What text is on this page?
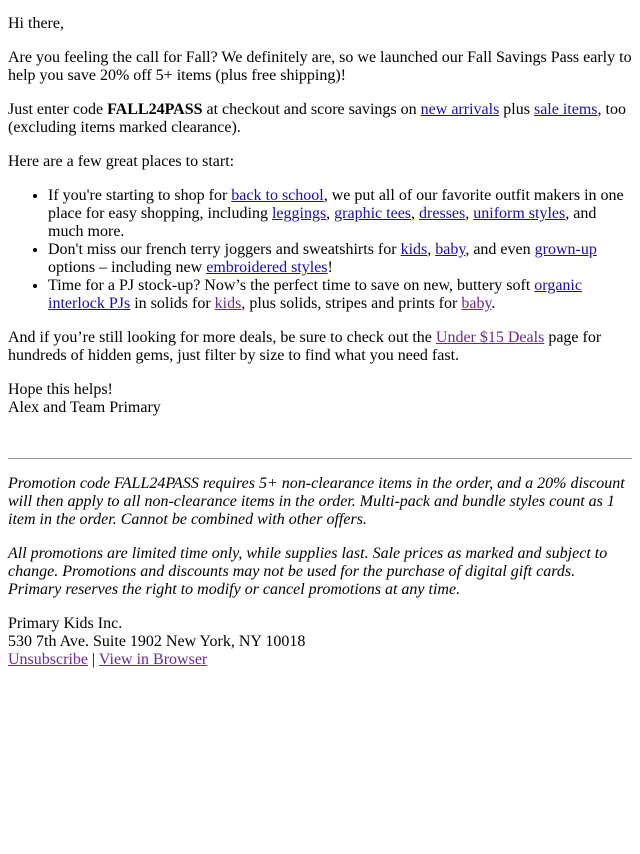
Hi there,

Are you feeling the call for Fall? We definitely are, so we launched our Fall Savings Pass early to help you save 20% off 5+ items (plus free shipping)!

Just enter code FALL24PASS at checkout and score savings on new arrivals plus sale items, too (excluding items marked clearance).

Here are a few great places to start:

• If you're starting to shop for back to school, we put all of our favorite outfit makers in one place for easy shopping, including leggings, graphic tees, dresses, uniform styles, and much more.
• Don't miss our french terry joggers and sweatshirts for kids, baby, and even grown-up options – including new embroidered styles!
• Time for a PJ stock-up? Now’s the perfect time to save on new, buttery soft organic interlock PJs in solids for kids, plus solids, stripes and prints for baby.

And if you’re still looking for more deals, be sure to check out the Under $15 Deals page for hundreds of hidden gems, just filter by size to find what you need fast.

Hope this helps!
Alex and Team Primary

Promotion code FALL24PASS requires 5+ non-clearance items in the order, and a 20% discount will then apply to all non-clearance items in the order. Multi-pack and bundle styles count as 1 item in the order. Cannot be combined with other offers.

All promotions are limited time only, while supplies last. Sale prices as marked and subject to change. Promotions and discounts may not be used for the purchase of digital gift cards. Primary reserves the right to modify or cancel promotions at any time.

Primary Kids Inc.

530 7th Ave. Suite 1902 New York, NY 10018

Unsubscribe | View in Browser
